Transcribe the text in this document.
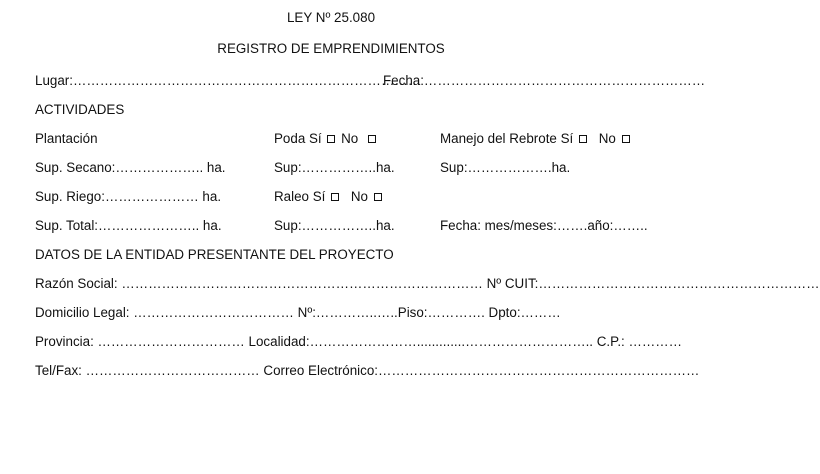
LEY Nº 25.080
REGISTRO DE EMPRENDIMIENTOS
Lugar:……………………………………………………………………
Fecha:………………………………………………………
ACTIVIDADES
Plantación
Sup. Secano:……………….. ha.
Sup. Riego:………………… ha.
Sup. Total:………………….. ha.
Poda Sí No
Sup:……………..ha.
Raleo Sí No
Sup:……………..ha.
Manejo del Rebrote Sí No
Sup:……………….ha.
Fecha: mes/meses:…….año:……..
DATOS DE LA ENTIDAD PRESENTANTE DEL PROYECTO
Razón Social: ……………………………………………………………………… Nº CUIT:………………………………………………………
Domicilio Legal: ……………………………… Nº:…………..…..Piso:…………. Dpto:………
Provincia: …………………………… Localidad:…………………….............……………………….. C.P.: …………
Tel/Fax: ………………………………… Correo Electrónico:………………………………………………………………
